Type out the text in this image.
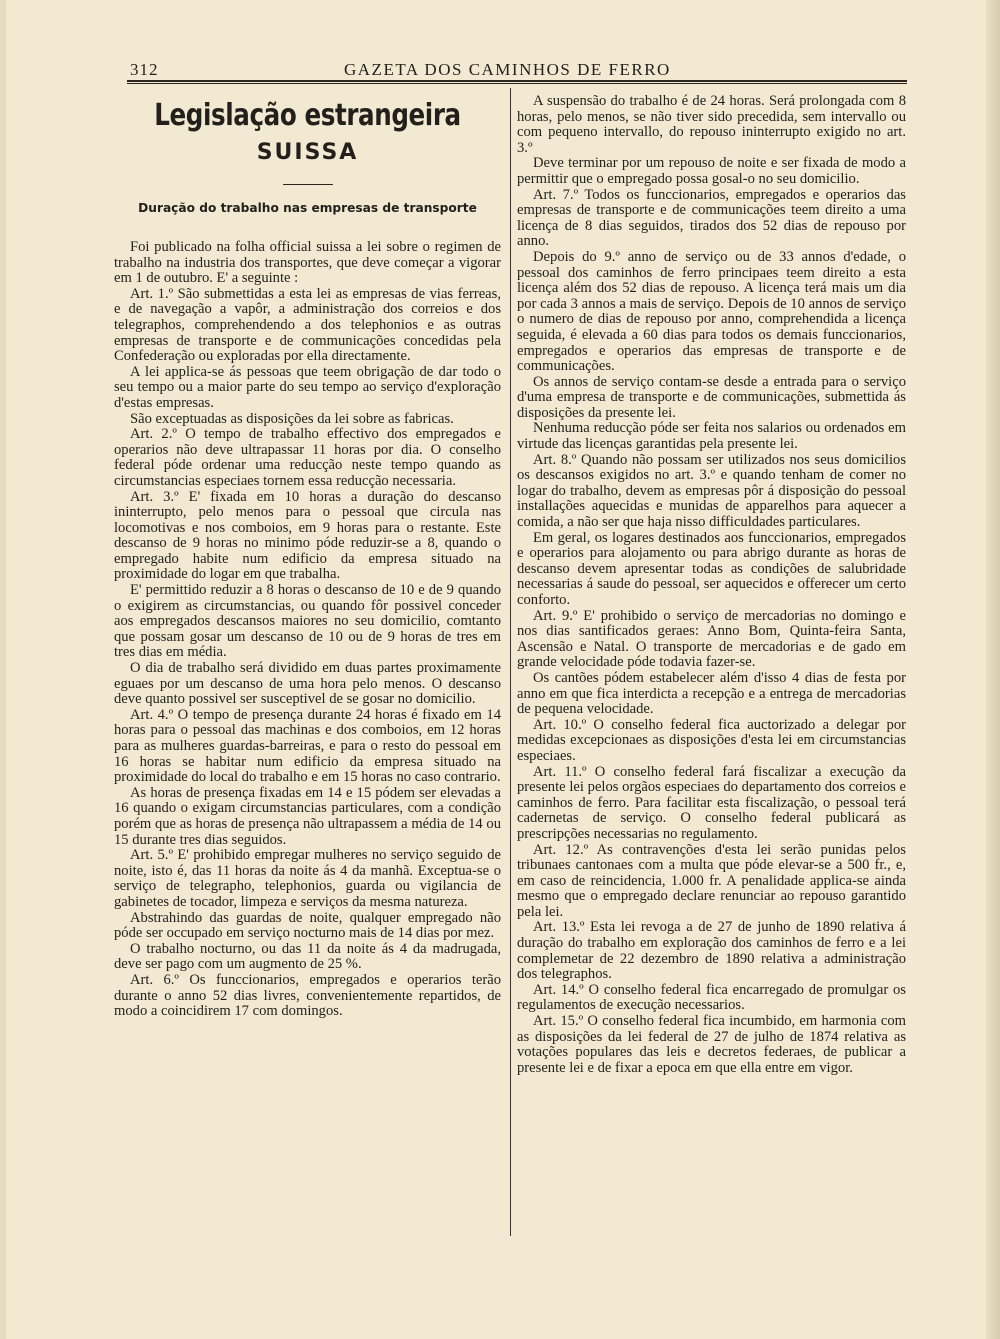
312	GAZETA DOS CAMINHOS DE FERRO
Legislação estrangeira
SUISSA
Duração do trabalho nas empresas de transporte

Foi publicado na folha official suissa a lei sobre o regimen de trabalho na industria dos transportes, que deve começar a vigorar em 1 de outubro. E' a seguinte :

Art. 1.º São submettidas a esta lei as empresas de vias ferreas, e de navegação a vapôr, a administração dos correios e dos telegraphos, comprehendendo a dos telephonios e as outras empresas de transporte e de communicações concedidas pela Confederação ou exploradas por ella directamente.

A lei applica-se ás pessoas que teem obrigação de dar todo o seu tempo ou a maior parte do seu tempo ao serviço d'exploração d'estas empresas.

São exceptuadas as disposições da lei sobre as fabricas.

Art. 2.º O tempo de trabalho effectivo dos empregados e operarios não deve ultrapassar 11 horas por dia. O conselho federal póde ordenar uma reducção neste tempo quando as circumstancias especiaes tornem essa reducção necessaria.

Art. 3.º E' fixada em 10 horas a duração do descanso ininterrupto, pelo menos para o pessoal que circula nas locomotivas e nos comboios, em 9 horas para o restante. Este descanso de 9 horas no minimo póde reduzir-se a 8, quando o empregado habite num edificio da empresa situado na proximidade do logar em que trabalha.

E' permittido reduzir a 8 horas o descanso de 10 e de 9 quando o exigirem as circumstancias, ou quando fôr possivel conceder aos empregados descansos maiores no seu domicilio, comtanto que possam gosar um descanso de 10 ou de 9 horas de tres em tres dias em média.

O dia de trabalho será dividido em duas partes proximamente eguaes por um descanso de uma hora pelo menos. O descanso deve quanto possivel ser susceptivel de se gosar no domicilio.

Art. 4.º O tempo de presença durante 24 horas é fixado em 14 horas para o pessoal das machinas e dos comboios, em 12 horas para as mulheres guardas-barreiras, e para o resto do pessoal em 16 horas se habitar num edificio da empresa situado na proximidade do local do trabalho e em 15 horas no caso contrario.

As horas de presença fixadas em 14 e 15 pódem ser elevadas a 16 quando o exigam circumstancias particulares, com a condição porém que as horas de presença não ultrapassem a média de 14 ou 15 durante tres dias seguidos.

Art. 5.º E' prohibido empregar mulheres no serviço seguido de noite, isto é, das 11 horas da noite ás 4 da manhã. Exceptua-se o serviço de telegrapho, telephonios, guarda ou vigilancia de gabinetes de tocador, limpeza e serviços da mesma natureza.

Abstrahindo das guardas de noite, qualquer empregado não póde ser occupado em serviço nocturno mais de 14 dias por mez.

O trabalho nocturno, ou das 11 da noite ás 4 da madrugada, deve ser pago com um augmento de 25 %.

Art. 6.º Os funccionarios, empregados e operarios terão durante o anno 52 dias livres, convenientemente repartidos, de modo a coincidirem 17 com domingos.

A suspensão do trabalho é de 24 horas. Será prolongada com 8 horas, pelo menos, se não tiver sido precedida, sem intervallo ou com pequeno intervallo, do repouso ininterrupto exigido no art. 3.º

Deve terminar por um repouso de noite e ser fixada de modo a permittir que o empregado possa gosal-o no seu domicilio.

Art. 7.º Todos os funccionarios, empregados e operarios das empresas de transporte e de communicações teem direito a uma licença de 8 dias seguidos, tirados dos 52 dias de repouso por anno.

Depois do 9.º anno de serviço ou de 33 annos d'edade, o pessoal dos caminhos de ferro principaes teem direito a esta licença além dos 52 dias de repouso. A licença terá mais um dia por cada 3 annos a mais de serviço. Depois de 10 annos de serviço o numero de dias de repouso por anno, comprehendida a licença seguida, é elevada a 60 dias para todos os demais funccionarios, empregados e operarios das empresas de transporte e de communicações.

Os annos de serviço contam-se desde a entrada para o serviço d'uma empresa de transporte e de communicações, submettida ás disposições da presente lei.

Nenhuma reducção póde ser feita nos salarios ou ordenados em virtude das licenças garantidas pela presente lei.

Art. 8.º Quando não possam ser utilizados nos seus domicilios os descansos exigidos no art. 3.º e quando tenham de comer no logar do trabalho, devem as empresas pôr á disposição do pessoal installações aquecidas e munidas de apparelhos para aquecer a comida, a não ser que haja nisso difficuldades particulares.

Em geral, os logares destinados aos funccionarios, empregados e operarios para alojamento ou para abrigo durante as horas de descanso devem apresentar todas as condições de salubridade necessarias á saude do pessoal, ser aquecidos e offerecer um certo conforto.

Art. 9.º E' prohibido o serviço de mercadorias no domingo e nos dias santificados geraes: Anno Bom, Quinta-feira Santa, Ascensão e Natal. O transporte de mercadorias e de gado em grande velocidade póde todavia fazer-se.

Os cantões pódem estabelecer além d'isso 4 dias de festa por anno em que fica interdicta a recepção e a entrega de mercadorias de pequena velocidade.

Art. 10.º O conselho federal fica auctorizado a delegar por medidas excepcionaes as disposições d'esta lei em circumstancias especiaes.

Art. 11.º O conselho federal fará fiscalizar a execução da presente lei pelos orgãos especiaes do departamento dos correios e caminhos de ferro. Para facilitar esta fiscalização, o pessoal terá cadernetas de serviço. O conselho federal publicará as prescripções necessarias no regulamento.

Art. 12.º As contravenções d'esta lei serão punidas pelos tribunaes cantonaes com a multa que póde elevar-se a 500 fr., e, em caso de reincidencia, 1.000 fr. A penalidade applica-se ainda mesmo que o empregado declare renunciar ao repouso garantido pela lei.

Art. 13.º Esta lei revoga a de 27 de junho de 1890 relativa á duração do trabalho em exploração dos caminhos de ferro e a lei complemetar de 22 dezembro de 1890 relativa a administração dos telegraphos.

Art. 14.º O conselho federal fica encarregado de promulgar os regulamentos de execução necessarios.

Art. 15.º O conselho federal fica incumbido, em harmonia com as disposições da lei federal de 27 de julho de 1874 relativa as votações populares das leis e decretos federaes, de publicar a presente lei e de fixar a epoca em que ella entre em vigor.
